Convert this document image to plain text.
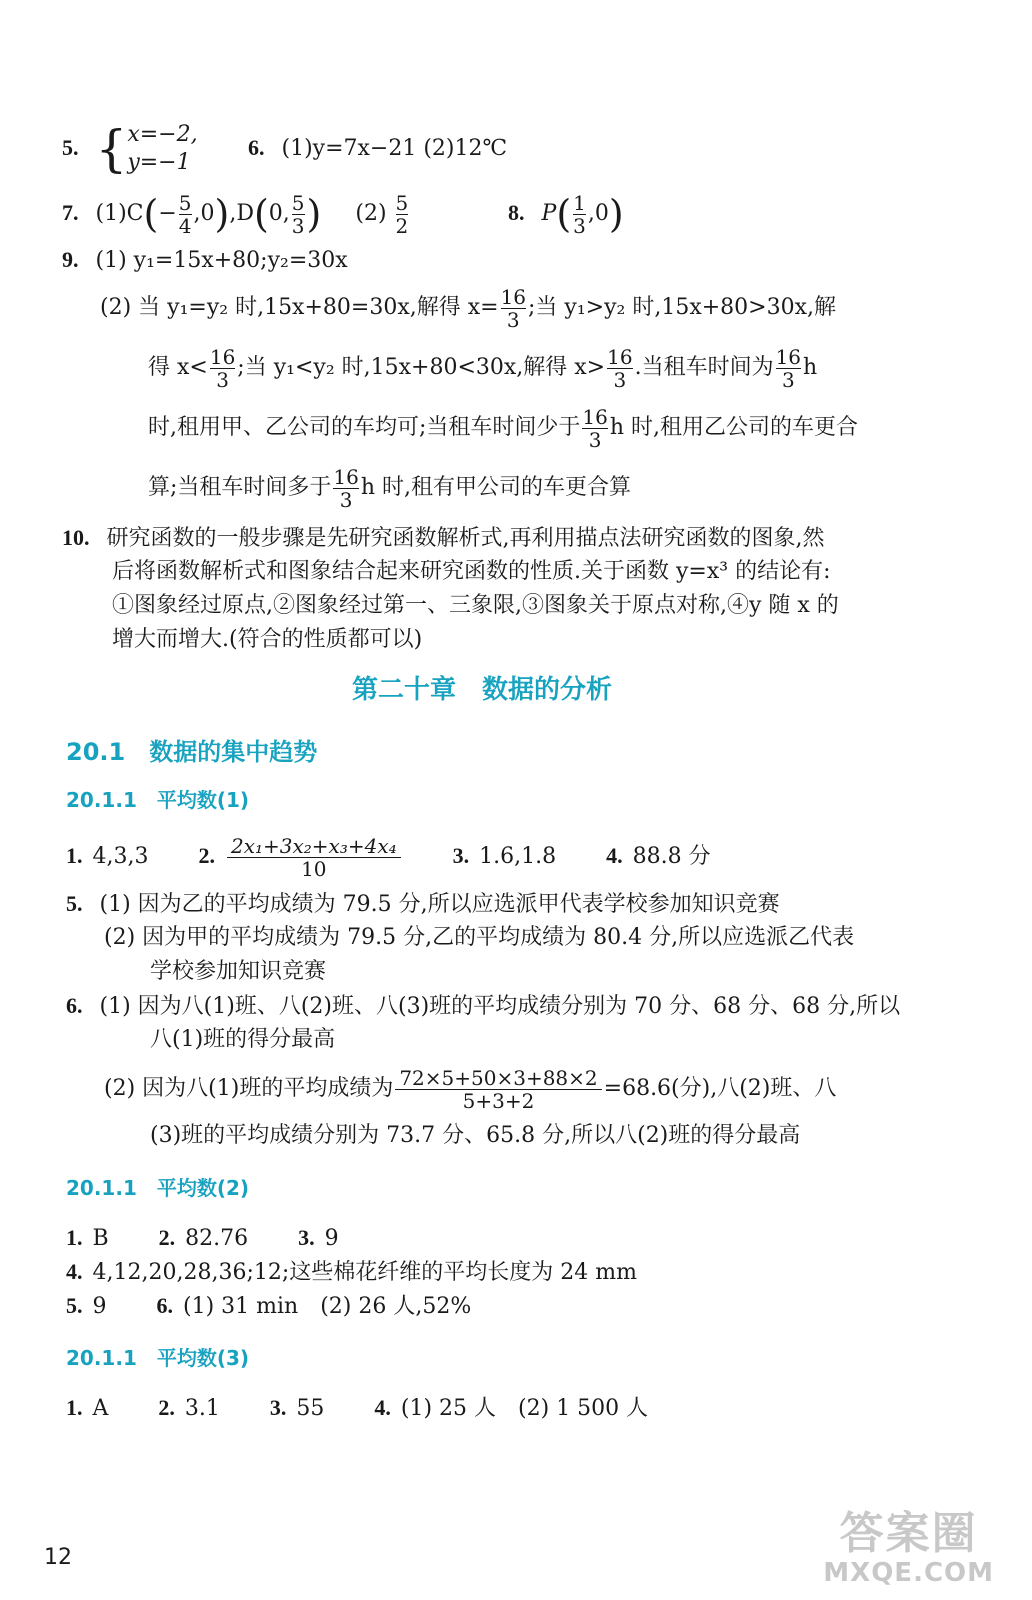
5. { x=−2,
y=−1
6. (1)y=7x−21 (2)12℃
7. $(1)C(- \frac{5}{4} ,0),D(0$, $\frac{5}{3}$ ) $(2) \frac{5}{2}$	8. $P( \frac{1}{3} ,0)$
9. (1) y₁=15x+80;y₂=30x
(2) 当 y₁=y₂ 时,15x+80=30x,解得 $x= \frac{16}{3}$ ;当 y₁>y₂ 时,15x+80>30x,解
得 $x< \frac{16}{3}$ ;当 y₁<y₂ 时,15x+80<30x,解得 $x> \frac{16}{3}$ .当租车时间为 $\frac{16}{3}$ h
时,租用甲、乙公司的车均可;当租车时间少于 $\frac{16}{3}$ h 时,租用乙公司的车更合
算;当租车时间多于 $\frac{16}{3}$ h 时,租有甲公司的车更合算
10. 研究函数的一般步骤是先研究函数解析式,再利用描点法研究函数的图象,然
后将函数解析式和图象结合起来研究函数的性质.关于函数 y=x³ 的结论有:
①图象经过原点,②图象经过第一、三象限,③图象关于原点对称,④y 随 x 的
增大而增大.(符合的性质都可以)
第二十章　数据的分析
20.1　数据的集中趋势
20.1.1　平均数(1)
1. 4,3,3 2. $\frac{\text{2x₁+3x₂+x₃+4x₄}}{10} 3$. 1.6,1.8 4. 88.8 分
5. (1) 因为乙的平均成绩为 79.5 分,所以应选派甲代表学校参加知识竞赛
(2) 因为甲的平均成绩为 79.5 分,乙的平均成绩为 80.4 分,所以应选派乙代表
学校参加知识竞赛
6. (1) 因为八(1)班、八(2)班、八(3)班的平均成绩分别为 70 分、68 分、68 分,所以
八(1)班的得分最高
(2) 因为八(1)班的平均成绩为 $\frac{72\times 5+50\times 3+88\times 2}{5+3+2} =68.6$(分),八(2)班、八
(3)班的平均成绩分别为 73.7 分、65.8 分,所以八(2)班的得分最高
20.1.1　平均数(2)
1. B 2. 82.76 3. 9
4. 4,12,20,28,36;12;这些棉花纤维的平均长度为 24 mm
5. 9 6. (1) 31 min　(2) 26 人,52%
20.1.1　平均数(3)
1. A 2. 3.1 3. 55 4. (1) 25 人　(2) 1 500 人
12	答案圈
MXQE.COM
